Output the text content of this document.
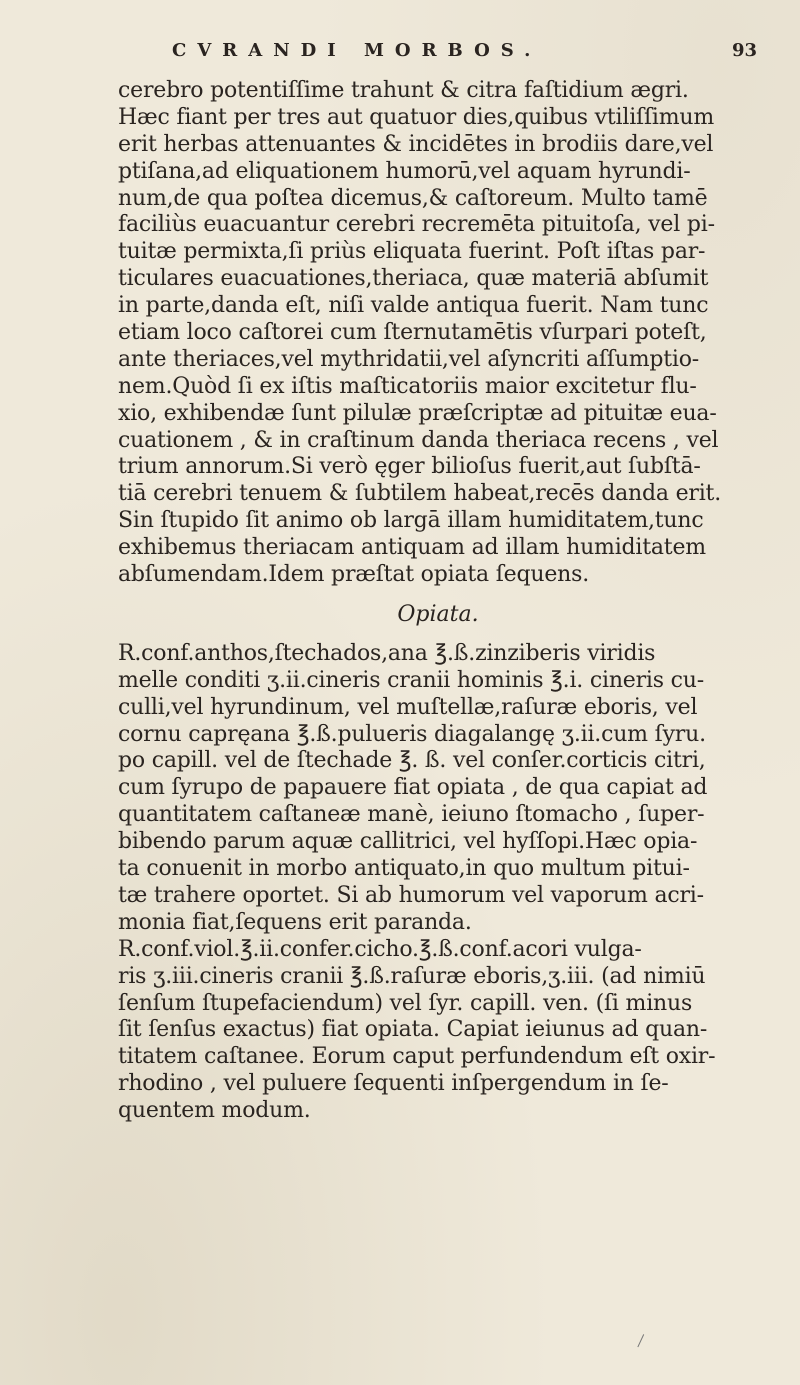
CVRANDI MORBOS.	93
cerebro potentiſſime trahunt & citra faſtidium ægri.
Hæc fiant per tres aut quatuor dies,quibus vtiliſſimum
erit herbas attenuantes & incidētes in brodiis dare,vel
ptiſana,ad eliquationem humorū,vel aquam hyrundi-
num,de qua poſtea dicemus,& caſtoreum. Multo tamē
faciliùs euacuantur cerebri recremēta pituitoſa, vel pi-
tuitæ permixta,ſi priùs eliquata fuerint. Poſt iſtas par-
ticulares euacuationes,theriaca, quæ materiā abſumit
in parte,danda eſt, niſi valde antiqua fuerit. Nam tunc
etiam loco caſtorei cum ſternutamētis vſurpari poteſt,
ante theriaces,vel mythridatii,vel aſyncriti aſſumptio-
nem.Quòd ſi ex iſtis maſticatoriis maior excitetur flu-
xio, exhibendæ ſunt pilulæ præſcriptæ ad pituitæ eua-
cuationem , & in craſtinum danda theriaca recens , vel
trium annorum.Si verò ęger bilioſus fuerit,aut ſubſtā-
tiā cerebri tenuem & ſubtilem habeat,recēs danda erit.
Sin ſtupido ſit animo ob largā illam humiditatem,tunc
exhibemus theriacam antiquam ad illam humiditatem
abſumendam.Idem præſtat opiata ſequens.
Opiata.
R.conf.anthos,ſtechados,ana ℥.ß.zinziberis viridis
melle conditi ʒ.ii.cineris cranii hominis ℥.i. cineris cu-
culli,vel hyrundinum, vel muſtellæ,raſuræ eboris, vel
cornu capręana ℥.ß.pulueris diagalangę ʒ.ii.cum ſyru.
po capill. vel de ſtechade ℥. ß. vel conſer.corticis citri,
cum ſyrupo de papauere fiat opiata , de qua capiat ad
quantitatem caſtaneæ manè, ieiuno ſtomacho , ſuper-
bibendo parum aquæ callitrici, vel hyſſopi.Hæc opia-
ta conuenit in morbo antiquato,in quo multum pitui-
tæ trahere oportet. Si ab humorum vel vaporum acri-
monia fiat,ſequens erit paranda.
R.conf.viol.℥.ii.confer.cicho.℥.ß.conf.acori vulga-
ris ʒ.iii.cineris cranii ℥.ß.raſuræ eboris,ʒ.iii. (ad nimiū
ſenſum ſtupefaciendum) vel ſyr. capill. ven. (ſi minus
ſit ſenſus exactus) fiat opiata. Capiat ieiunus ad quan-
titatem caſtanee. Eorum caput perfundendum eſt oxir-
rhodino , vel puluere ſequenti inſpergendum in ſe-
quentem modum.
